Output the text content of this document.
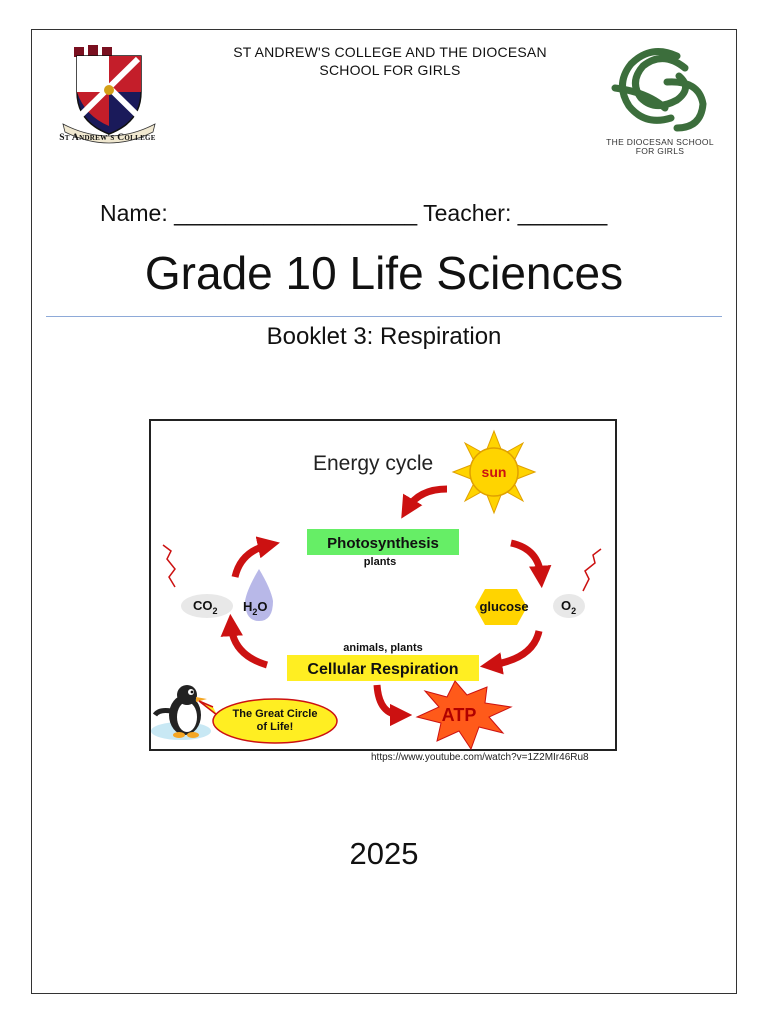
St Andrew's College
ST ANDREW'S COLLEGE AND THE DIOCESAN
SCHOOL FOR GIRLS
THE DIOCESAN SCHOOL
FOR GIRLS
Name: ___________________ Teacher: _______
Grade 10 Life Sciences
Booklet 3: Respiration
Energy cycle	sun
Photosynthesis
plants
$CO_2$ $H_2O$	glucose $O_2$
animals, plants
Cellular Respiration
ATP
The Great Circle
of Life!
https://www.youtube.com/watch?v=1Z2MIr46Ru8
2025
